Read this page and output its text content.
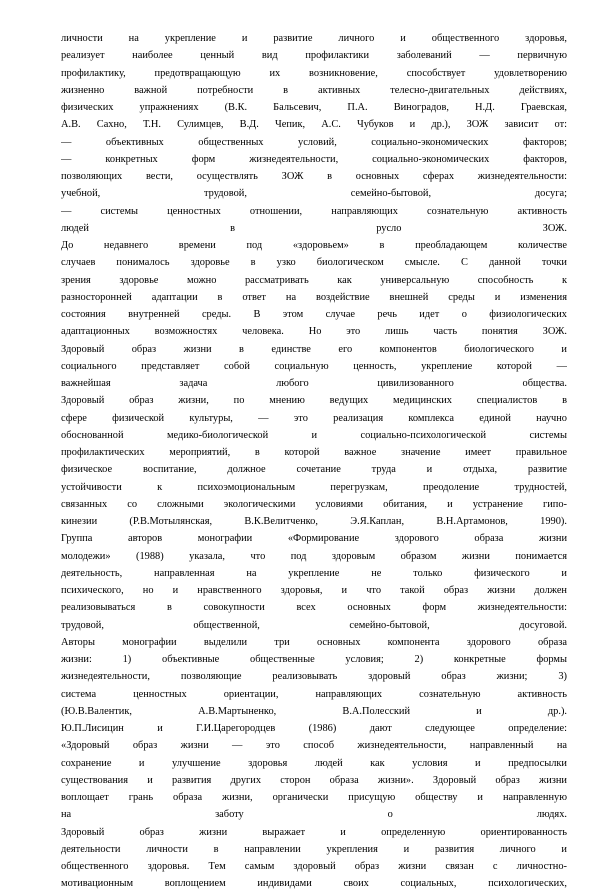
личности на укрепление и развитие личного и общественного здоровья,
реализует наиболее ценный вид профилактики заболеваний — первичную
профилактику, предотвращающую их возникновение, способствует удовлетворению
жизненно важной потребности в активных телесно-двигательных действиях,
физических упражнениях (В.К. Бальсевич, П.А. Виноградов, Н.Д. Граевская,
А.В. Сахно, Т.Н. Сулимцев, В.Д. Чепик, А.С. Чубуков и др.), ЗОЖ зависит от:
— объективных общественных условий, социально-экономических факторов;
— конкретных форм жизнедеятельности, социально-экономических факторов,
позволяющих вести, осуществлять ЗОЖ в основных сферах жизнедеятельности:
учебной, трудовой, семейно-бытовой, досуга;
— системы ценностных отношении, направляющих сознательную активность
людей в русло ЗОЖ.
До недавнего времени под «здоровьем» в преобладающем количестве
случаев понималось здоровье в узко биологическом смысле. С данной точки
зрения здоровье можно рассматривать как универсальную способность к
разносторонней адаптации в ответ на воздействие внешней среды и изменения
состояния внутренней среды. В этом случае речь идет о физиологических
адаптационных возможностях человека. Но это лишь часть понятия ЗОЖ.
Здоровый образ жизни в единстве его компонентов биологического и
социального представляет собой социальную ценность, укрепление которой —
важнейшая задача любого цивилизованного общества.
Здоровый образ жизни, по мнению ведущих медицинских специалистов в
сфере физической культуры, — это реализация комплекса единой научно
обоснованной медико-биологической и социально-психологической системы
профилактических мероприятий, в которой важное значение имеет правильное
физическое воспитание, должное сочетание труда и отдыха, развитие
устойчивости к психоэмоциональным перегрузкам, преодоление трудностей,
связанных со сложными экологическими условиями обитания, и устранение гипо-
кинезии (Р.В.Мотылянская, В.К.Велитченко, Э.Я.Каплан, В.Н.Артамонов, 1990).
Группа авторов монографии «Формирование здорового образа жизни
молодежи» (1988) указала, что под здоровым образом жизни понимается
деятельность, направленная на укрепление не только физического и
психического, но и нравственного здоровья, и что такой образ жизни должен
реализовываться в совокупности всех основных форм жизнедеятельности:
трудовой, общественной, семейно-бытовой, досуговой.
Авторы монографии выделили три основных компонента здорового образа
жизни: 1) объективные общественные условия; 2) конкретные формы
жизнедеятельности, позволяющие реализовывать здоровый образ жизни; 3)
система ценностных ориентации, направляющих сознательную активность
(Ю.В.Валентик, А.В.Мартыненко, В.А.Полесский и др.).
Ю.П.Лисицин и Г.И.Царегородцев (1986) дают следующее определение:
«Здоровый образ жизни — это способ жизнедеятельности, направленный на
сохранение и улучшение здоровья людей как условия и предпосылки
существования и развития других сторон образа жизни». Здоровый образ жизни
воплощает грань образа жизни, органически присущую обществу и направленную
на заботу о людях.
Здоровый образ жизни выражает и определенную ориентированность
деятельности личности в направлении укрепления и развития личного и
общественного здоровья. Тем самым здоровый образ жизни связан с личностно-
мотивационным воплощением индивидами своих социальных, психологических,
